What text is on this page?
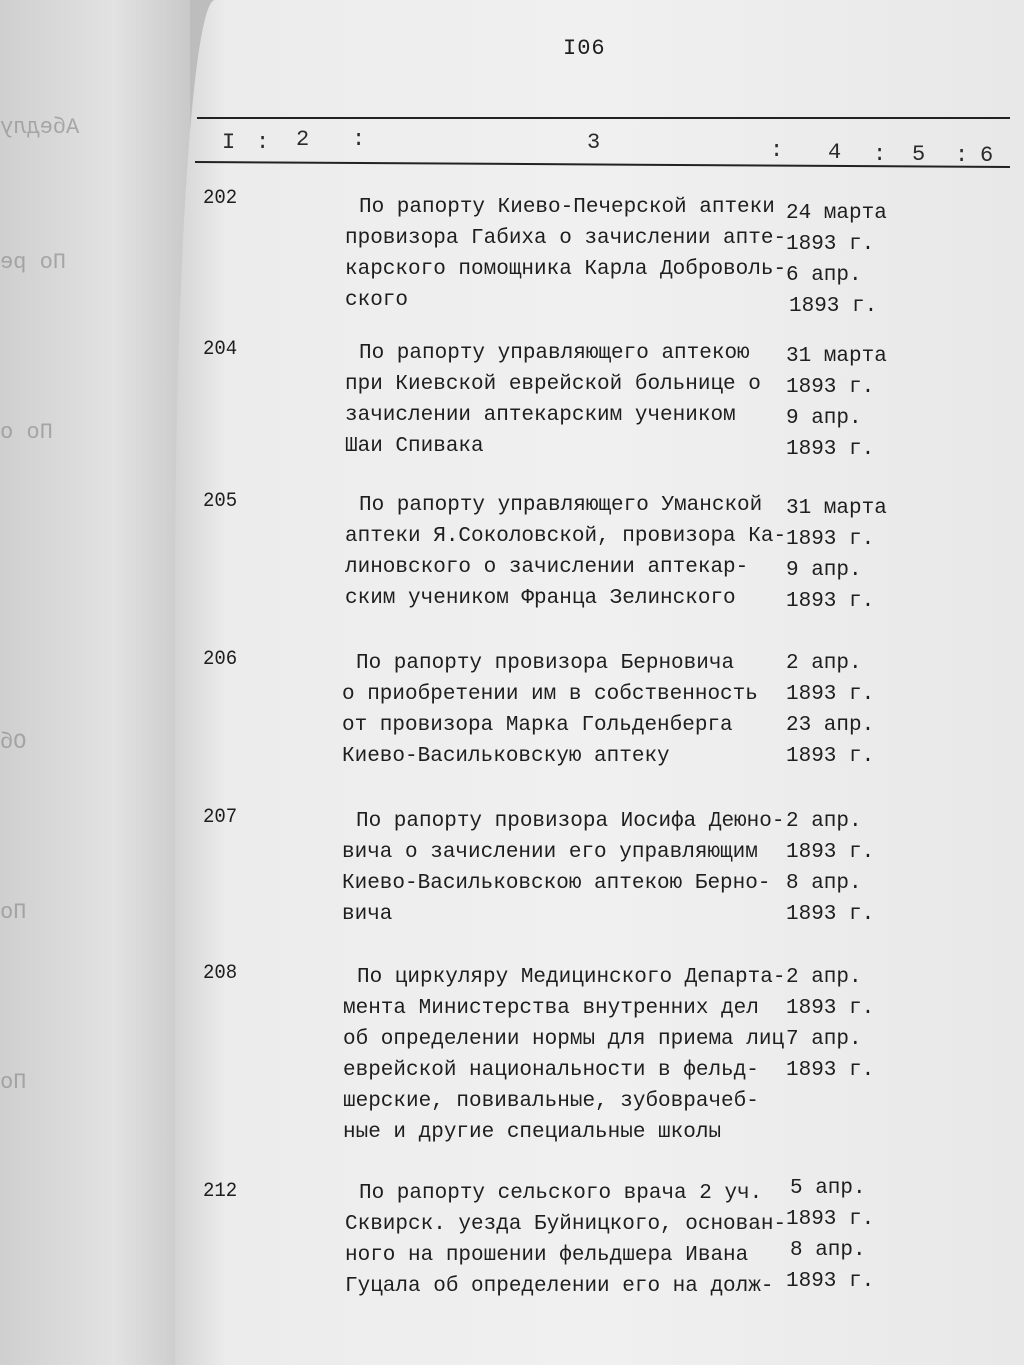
Абедлу
По ре
По о
Об
По
По
I06
I : 2 :	3	: 4 : 5 : 6
202	По рапорту Киево-Печерской аптеки
провизора Габиха о зачислении апте-
карского помощника Карла Доброволь-
ского
24 марта
1893 г.
6 апр.
1893 г.
204	По рапорту управляющего аптекою
при Киевской еврейской больнице о
зачислении аптекарским учеником
Шаи Спивака
31 марта
1893 г.
9 апр.
1893 г.
205	По рапорту управляющего Уманской
аптеки Я.Соколовской, провизора Ка-
линовского о зачислении аптекар-
ским учеником Франца Зелинского
31 марта
1893 г.
9 апр.
1893 г.
206	По рапорту провизора Берновича
о приобретении им в собственность
от провизора Марка Гольденберга
Киево-Васильковскую аптеку
2 апр.
1893 г.
23 апр.
1893 г.
207	По рапорту провизора Иосифа Деюно-
вича о зачислении его управляющим
Киево-Васильковскою аптекою Берно-
вича
2 апр.
1893 г.
8 апр.
1893 г.
208	По циркуляру Медицинского Департа-
мента Министерства внутренних дел
об определении нормы для приема лиц
еврейской национальности в фельд-
шерские, повивальные, зубоврачеб-
ные и другие специальные школы
2 апр.
1893 г.
7 апр.
1893 г.
212	По рапорту сельского врача 2 уч.
Сквирск. уезда Буйницкого, основан-
ного на прошении фельдшера Ивана
Гуцала об определении его на долж-
5 апр.
1893 г.
8 апр.
1893 г.
